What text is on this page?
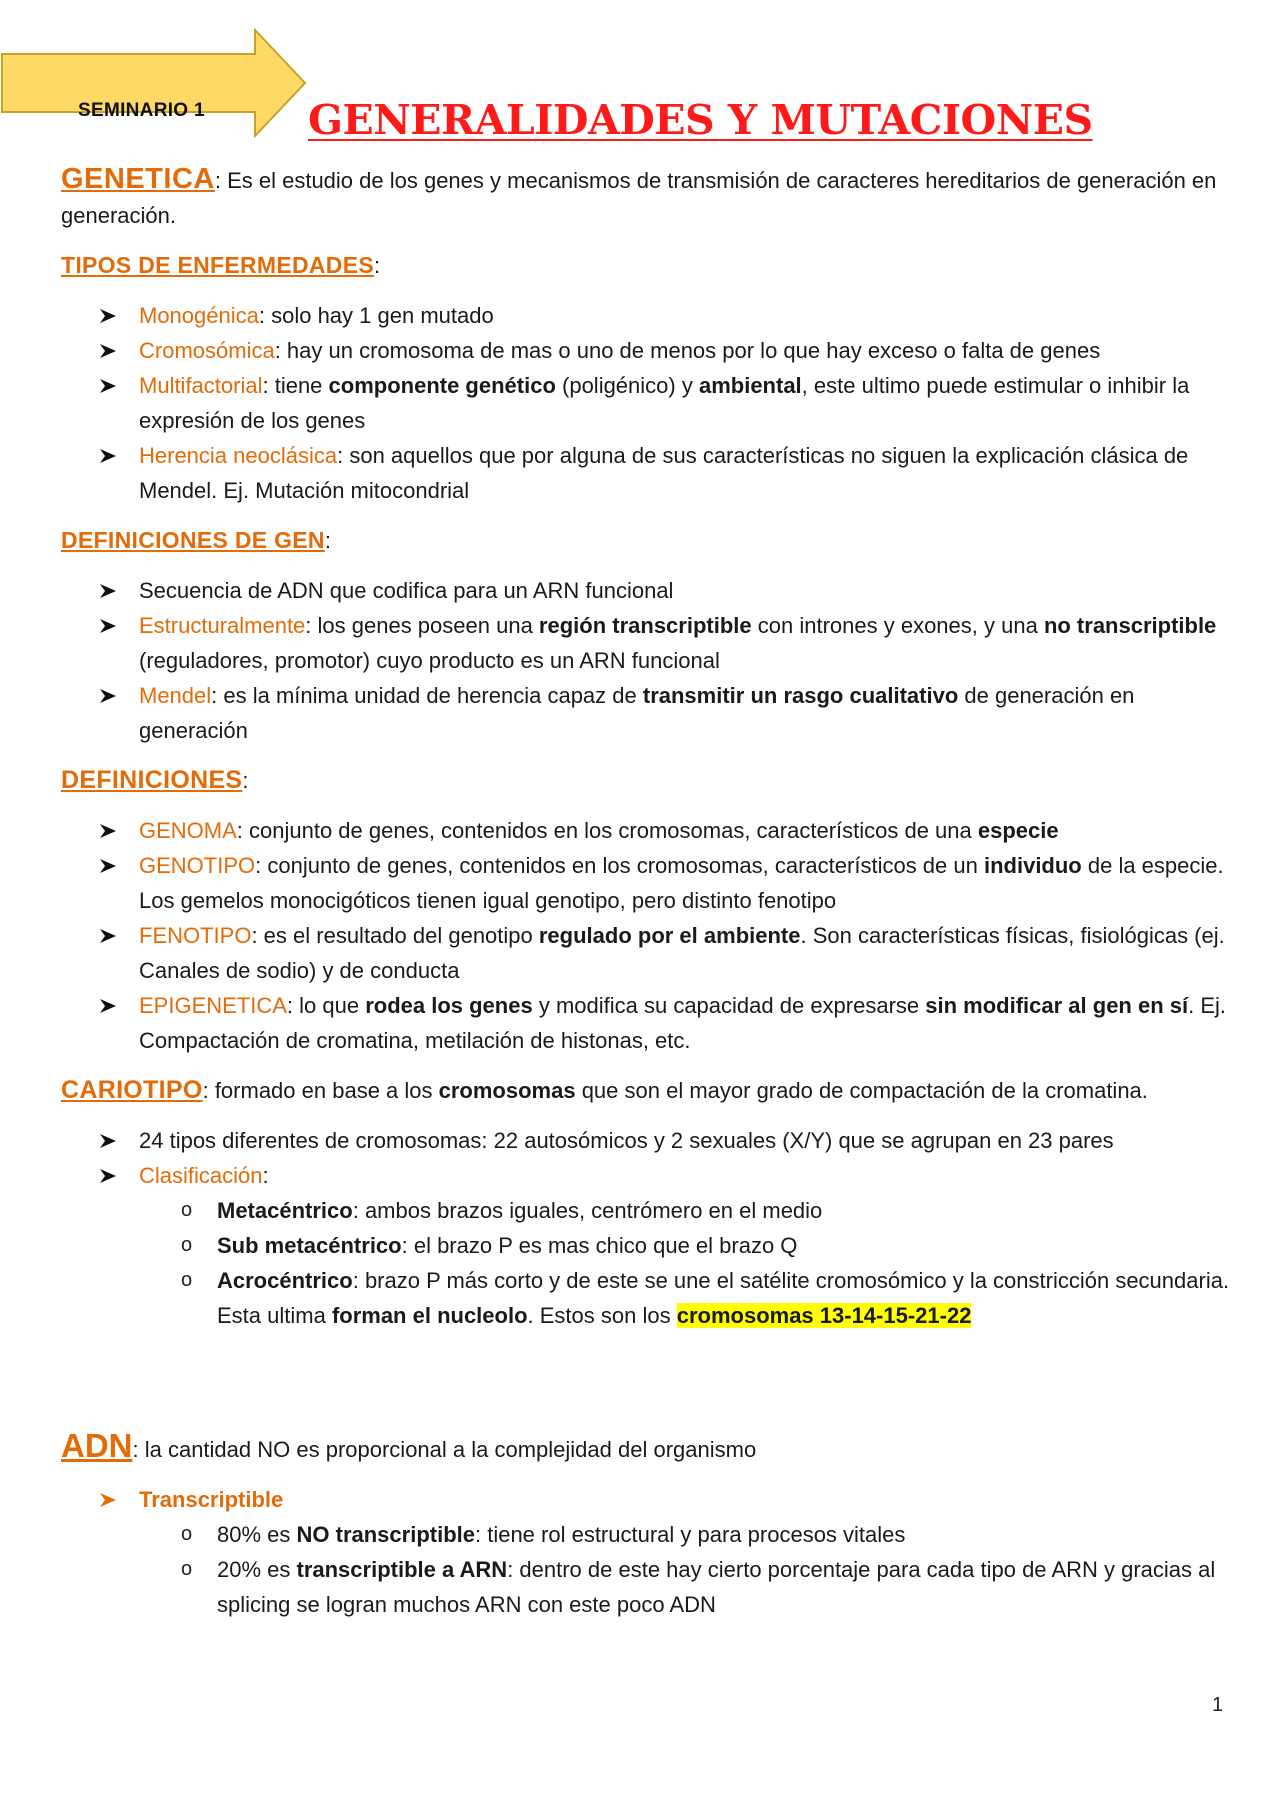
SEMINARIO 1	GENERALIDADES Y MUTACIONES

GENETICA: Es el estudio de los genes y mecanismos de transmisión de caracteres hereditarios de generación en generación.

TIPOS DE ENFERMEDADES:

Monogénica: solo hay 1 gen mutado
Cromosómica: hay un cromosoma de mas o uno de menos por lo que hay exceso o falta de genes
Multifactorial: tiene componente genético (poligénico) y ambiental, este ultimo puede estimular o inhibir la expresión de los genes
Herencia neoclásica: son aquellos que por alguna de sus características no siguen la explicación clásica de Mendel. Ej. Mutación mitocondrial

DEFINICIONES DE GEN:

Secuencia de ADN que codifica para un ARN funcional
Estructuralmente: los genes poseen una región transcriptible con intrones y exones, y una no transcriptible (reguladores, promotor) cuyo producto es un ARN funcional
Mendel: es la mínima unidad de herencia capaz de transmitir un rasgo cualitativo de generación en generación

DEFINICIONES:

GENOMA: conjunto de genes, contenidos en los cromosomas, característicos de una especie
GENOTIPO: conjunto de genes, contenidos en los cromosomas, característicos de un individuo de la especie. Los gemelos monocigóticos tienen igual genotipo, pero distinto fenotipo
FENOTIPO: es el resultado del genotipo regulado por el ambiente. Son características físicas, fisiológicas (ej. Canales de sodio) y de conducta
EPIGENETICA: lo que rodea los genes y modifica su capacidad de expresarse sin modificar al gen en sí. Ej. Compactación de cromatina, metilación de histonas, etc.

CARIOTIPO: formado en base a los cromosomas que son el mayor grado de compactación de la cromatina.

24 tipos diferentes de cromosomas: 22 autosómicos y 2 sexuales (X/Y) que se agrupan en 23 pares
Clasificación:
o Metacéntrico: ambos brazos iguales, centrómero en el medio
o Sub metacéntrico: el brazo P es mas chico que el brazo Q
o Acrocéntrico: brazo P más corto y de este se une el satélite cromosómico y la constricción secundaria. Esta ultima forman el nucleolo. Estos son los cromosomas 13-14-15-21-22

ADN: la cantidad NO es proporcional a la complejidad del organismo

Transcriptible
o 80% es NO transcriptible: tiene rol estructural y para procesos vitales
o 20% es transcriptible a ARN: dentro de este hay cierto porcentaje para cada tipo de ARN y gracias al splicing se logran muchos ARN con este poco ADN
1
